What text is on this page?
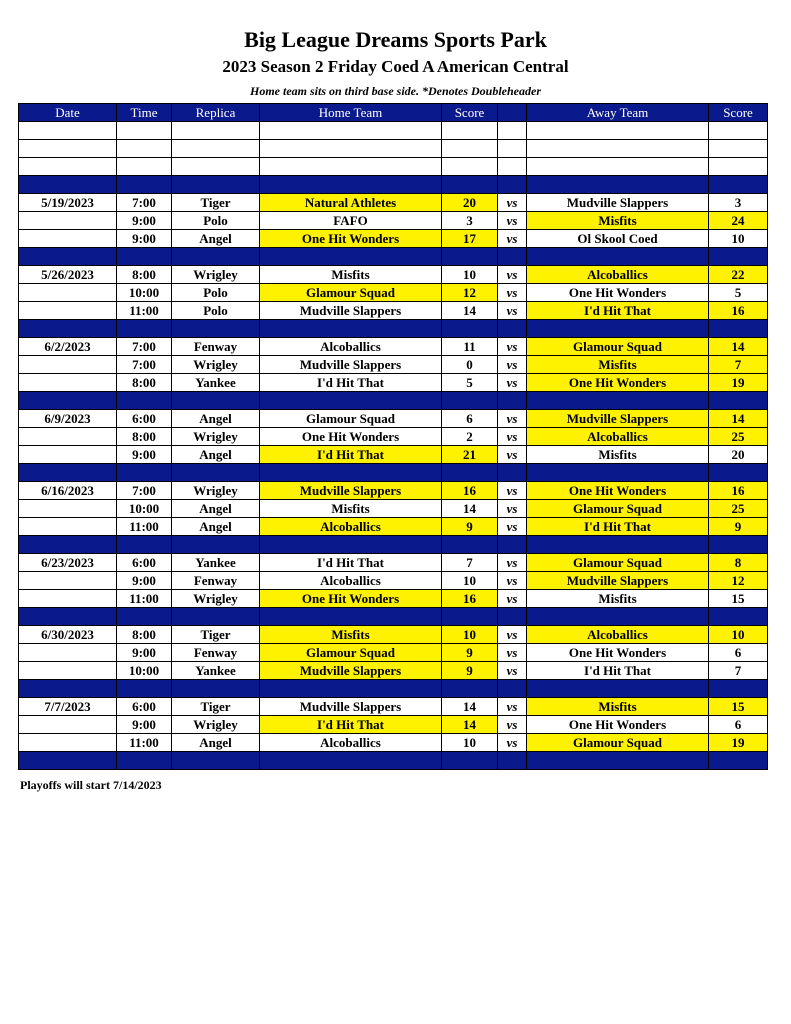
Big League Dreams Sports Park
2023 Season 2 Friday Coed A American Central
Home team sits on third base side. *Denotes Doubleheader
Date	Time	Replica	Home Team	Score		Away Team	Score

5/19/2023	7:00	Tiger	Natural Athletes	20	vs	Mudville Slappers	3
	9:00	Polo	FAFO	3	vs	Misfits	24
	9:00	Angel	One Hit Wonders	17	vs	Ol Skool Coed	10

5/26/2023	8:00	Wrigley	Misfits	10	vs	Alcoballics	22
	10:00	Polo	Glamour Squad	12	vs	One Hit Wonders	5
	11:00	Polo	Mudville Slappers	14	vs	I'd Hit That	16

6/2/2023	7:00	Fenway	Alcoballics	11	vs	Glamour Squad	14
	7:00	Wrigley	Mudville Slappers	0	vs	Misfits	7
	8:00	Yankee	I'd Hit That	5	vs	One Hit Wonders	19

6/9/2023	6:00	Angel	Glamour Squad	6	vs	Mudville Slappers	14
	8:00	Wrigley	One Hit Wonders	2	vs	Alcoballics	25
	9:00	Angel	I'd Hit That	21	vs	Misfits	20

6/16/2023	7:00	Wrigley	Mudville Slappers	16	vs	One Hit Wonders	16
	10:00	Angel	Misfits	14	vs	Glamour Squad	25
	11:00	Angel	Alcoballics	9	vs	I'd Hit That	9

6/23/2023	6:00	Yankee	I'd Hit That	7	vs	Glamour Squad	8
	9:00	Fenway	Alcoballics	10	vs	Mudville Slappers	12
	11:00	Wrigley	One Hit Wonders	16	vs	Misfits	15

6/30/2023	8:00	Tiger	Misfits	10	vs	Alcoballics	10
	9:00	Fenway	Glamour Squad	9	vs	One Hit Wonders	6
	10:00	Yankee	Mudville Slappers	9	vs	I'd Hit That	7

7/7/2023	6:00	Tiger	Mudville Slappers	14	vs	Misfits	15
	9:00	Wrigley	I'd Hit That	14	vs	One Hit Wonders	6
	11:00	Angel	Alcoballics	10	vs	Glamour Squad	19

Playoffs will start 7/14/2023
